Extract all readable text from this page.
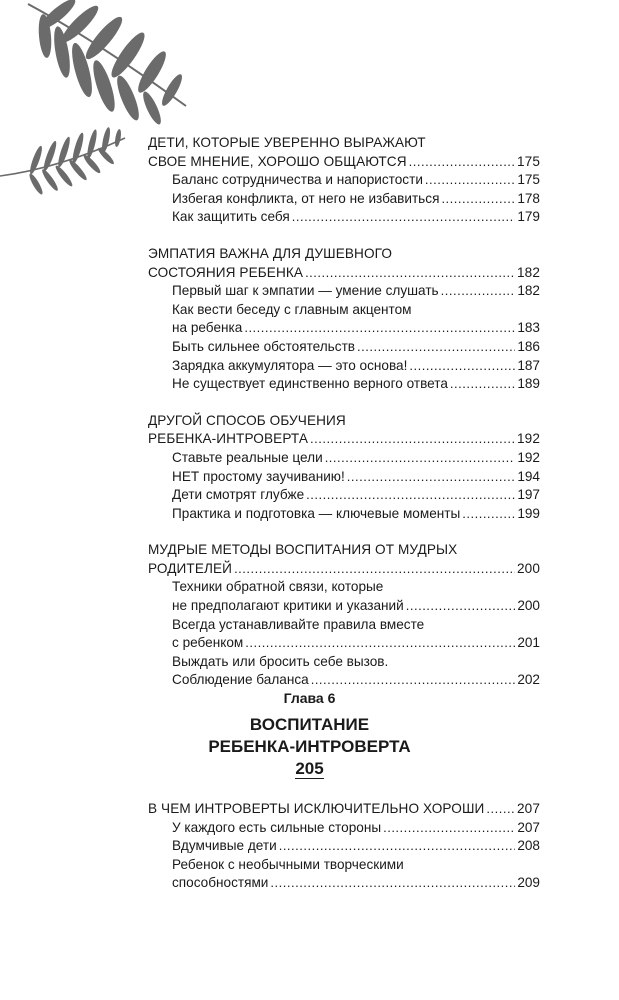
ДЕТИ, КОТОРЫЕ УВЕРЕННО ВЫРАЖАЮТ
СВОЕ МНЕНИЕ, ХОРОШО ОБЩАЮТСЯ .....	175
Баланс сотрудничества и напористости .....	175
Избегая конфликта, от него не избавиться .....	178
Как защитить себя .....	179
ЭМПАТИЯ ВАЖНА ДЛЯ ДУШЕВНОГО
СОСТОЯНИЯ РЕБЕНКА .....	182
Первый шаг к эмпатии — умение слушать .....	182
Как вести беседу с главным акцентом
на ребенка .....	183
Быть сильнее обстоятельств .....	186
Зарядка аккумулятора — это основа! .....	187
Не существует единственно верного ответа .....	189
ДРУГОЙ СПОСОБ ОБУЧЕНИЯ
РЕБЕНКА-ИНТРОВЕРТА .....	192
Ставьте реальные цели .....	192
НЕТ простому заучиванию! .....	194
Дети смотрят глубже .....	197
Практика и подготовка — ключевые моменты .....	199
МУДРЫЕ МЕТОДЫ ВОСПИТАНИЯ ОТ МУДРЫХ
РОДИТЕЛЕЙ .....	200
Техники обратной связи, которые
не предполагают критики и указаний .....	200
Всегда устанавливайте правила вместе
с ребенком .....	201
Выждать или бросить себе вызов.
Соблюдение баланса .....	202
Глава 6
ВОСПИТАНИЕ
РЕБЕНКА-ИНТРОВЕРТА
205
В ЧЕМ ИНТРОВЕРТЫ ИСКЛЮЧИТЕЛЬНО ХОРОШИ ..... 207
У каждого есть сильные стороны .....	207
Вдумчивые дети .....	208
Ребенок с необычными творческими
способностями .....	209
